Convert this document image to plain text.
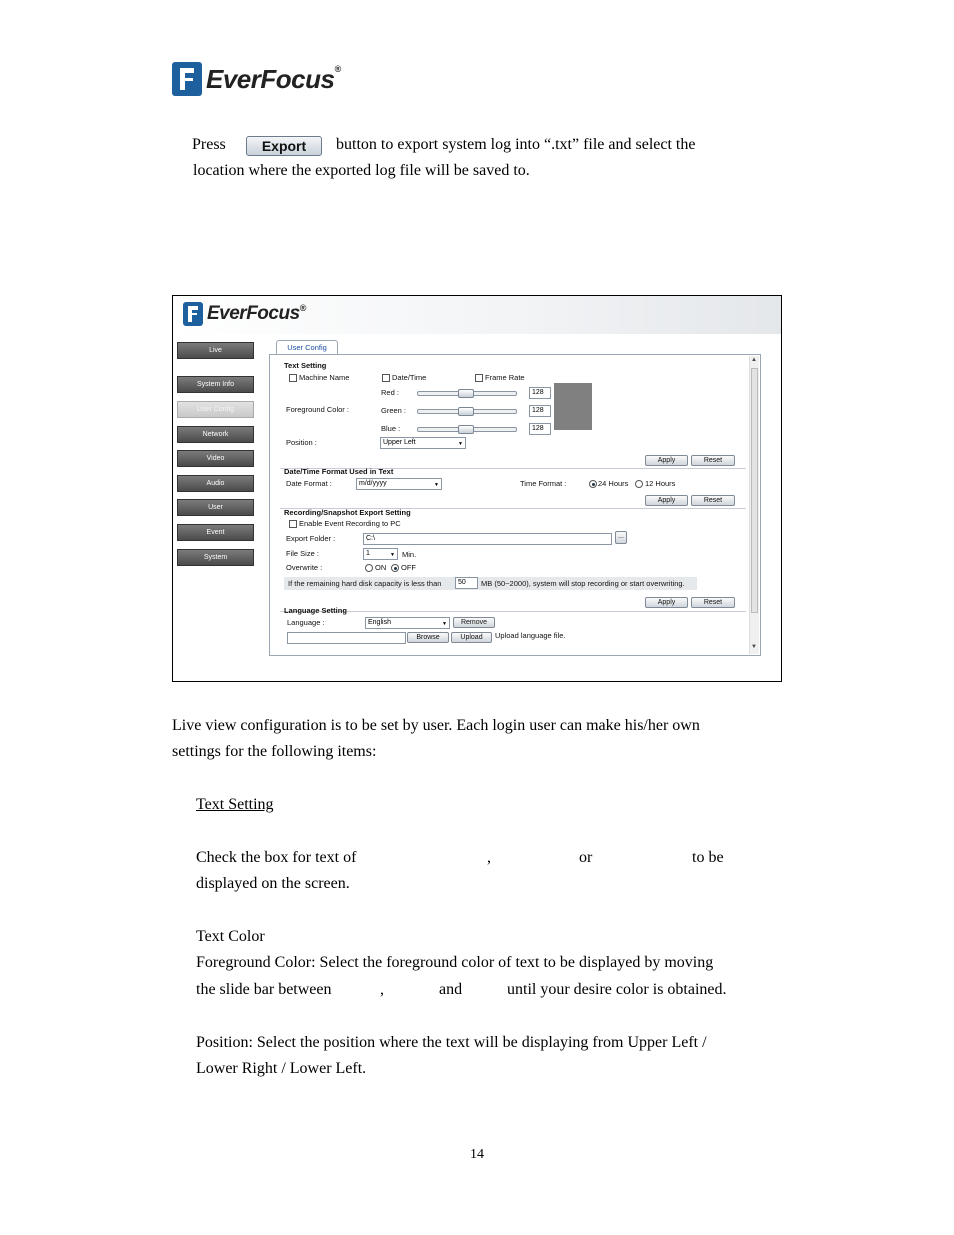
EverFocus®
Press	Export	button to export system log into “.txt” file and select the
location where the exported log file will be saved to.
EverFocus®
Live
System Info
User Config
Network
Video
Audio
User
Event
System
User Config
Text Setting
Machine Name	Date/Time	Frame Rate
Foreground Color :
Red :	128
Green :	128
Blue :	128
Position :	Upper Left ▼
Apply	Reset
Date/Time Format Used in Text
Date Format :	m/d/yyyy ▼	Time Format :	24 Hours 12 Hours
Apply	Reset
Recording/Snapshot Export Setting
Enable Event Recording to PC
Export Folder :	C:\	...
File Size :	1 ▼	Min.
Overwrite :	ON OFF
If the remaining hard disk capacity is less than	50	MB (50~2000), system will stop recording or start overwriting.
Apply	Reset
Language Setting
Language :	English ▼	Remove
Browse	Upload	Upload language file.
▲
▼
Live view configuration is to be set by user. Each login user can make his/her own
settings for the following items:
Text Setting
Check the box for text of	,	or	to be
displayed on the screen.
Text Color
Foreground Color: Select the foreground color of text to be displayed by moving
the slide bar between	,	and	until your desire color is obtained.
Position: Select the position where the text will be displaying from Upper Left /
Lower Right / Lower Left.
14
